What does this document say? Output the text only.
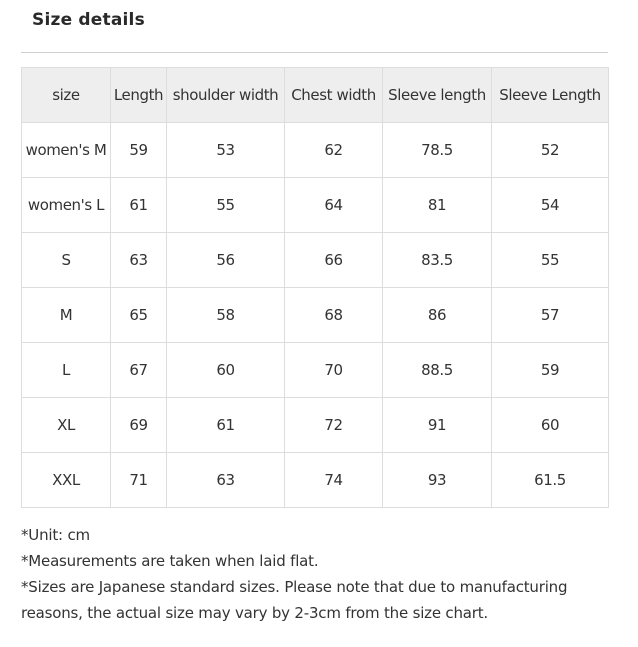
Size details
size	Length	shoulder width	Chest width	Sleeve length	Sleeve Length
women's M	59	53	62	78.5	52
women's L	61	55	64	81	54
S	63	56	66	83.5	55
M	65	58	68	86	57
L	67	60	70	88.5	59
XL	69	61	72	91	60
XXL	71	63	74	93	61.5

*Unit: cm

*Measurements are taken when laid flat.

*Sizes are Japanese standard sizes. Please note that due to manufacturing reasons, the actual size may vary by 2-3cm from the size chart.
